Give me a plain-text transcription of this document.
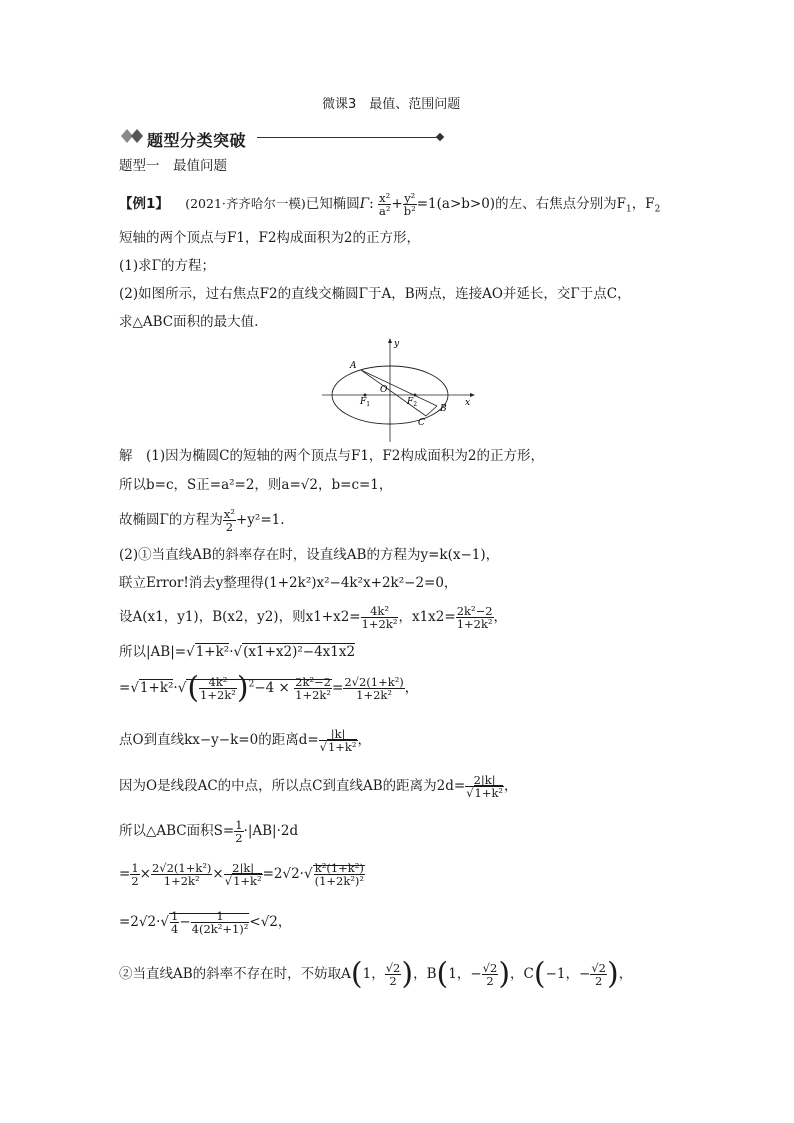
微课3　最值、范围问题
题型分类突破
题型一　最值问题
【例1】 (2021·齐齐哈尔一模)已知椭圆Γ: $\frac{\text{x²}}{\text{a²}} + \frac{\text{y²}}{\text{b²}} =1(a>b>0)$的左、右焦点分别为$F_1$，$F_2$
短轴的两个顶点与F1，F2构成面积为2的正方形，
(1)求Γ的方程；
(2)如图所示，过右焦点F2的直线交椭圆Γ于A，B两点，连接AO并延长，交Γ于点C，
求△ABC面积的最大值.
A
B
C
O
$F_1$	$F_2$	x
y
解　(1)因为椭圆C的短轴的两个顶点与F1，F2构成面积为2的正方形，
所以b=c，S正=a²=2，则a=√2，b=c=1，
故椭圆Γ的方程为 $\frac{\text{x²}}{2} +y^2=1$.
(2)①当直线AB的斜率存在时，设直线AB的方程为y=k(x−1)，
联立Error!消去y整理得(1+2k²)x²−4k²x+2k²−2=0，
设A(x1，y1)，B(x2，y2)，则$x1+x2= \frac{\text{4k²}}{\text{1+2k²}}$ ，$x1x2= \frac{\text{2k²−2}}{\text{1+2k²}}$ ，
所以|AB|=√1+k²·√(x1+x2)²−4x1x2
$=√1+k^2\cdot√( \frac{\text{4k²}}{\text{1+2k²}} )^2-4 \times \frac{\text{2k²−2}}{\text{1+2k²}} = \frac{\text{2√2(1+k²)}}{\text{1+2k²}}$ ，
点O到直线kx−y−k=0的距离$d= \frac{|k|}{\text{√1+k²}}$ ，
因为O是线段AC的中点，所以点C到直线AB的距离为$2d= \frac{2|k|}{\text{√1+k²}}$ ，
所以△ABC面积$S= \frac{1}{2} \cdot|AB|\cdot 2d$
= $\frac{1}{2} \times \frac{\text{2√2(1+k²)}}{\text{1+2k²}} \times \frac{2|k|}{\text{√1+k²}} =2√2\cdot√ \frac{\text{k²(1+k²)}}{\text{(1+2k²)²}}$
$=2√2\cdot√ \frac{1}{4} - \frac{1}{\text{4(2k²+1)²}} <√2$，
②当直线AB的斜率不存在时，不妨取A(1， $\frac{√2}{2}$ )，B(1，− $\frac{√2}{2}$ )，C(−1，− $\frac{√2}{2}$ )，
